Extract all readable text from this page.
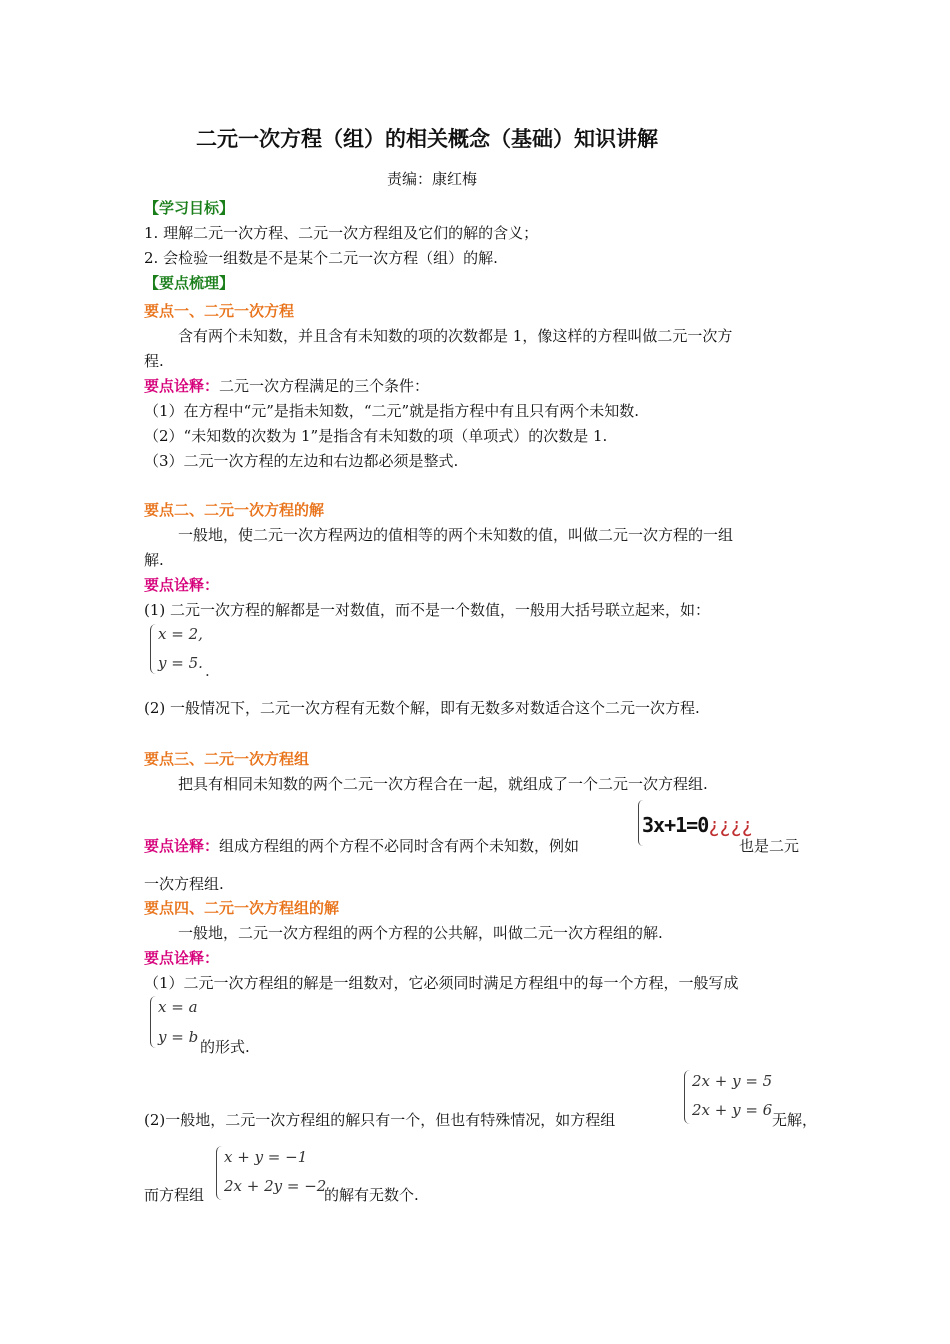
二元一次方程（组）的相关概念（基础）知识讲解
责编：康红梅
【学习目标】
1. 理解二元一次方程、二元一次方程组及它们的解的含义；
2. 会检验一组数是不是某个二元一次方程（组）的解.
【要点梳理】
要点一、二元一次方程
含有两个未知数，并且含有未知数的项的次数都是 1，像这样的方程叫做二元一次方
程.
要点诠释：二元一次方程满足的三个条件：
（1）在方程中“元”是指未知数，“二元”就是指方程中有且只有两个未知数.
（2）“未知数的次数为 1”是指含有未知数的项（单项式）的次数是 1.
（3）二元一次方程的左边和右边都必须是整式.
要点二、二元一次方程的解
一般地，使二元一次方程两边的值相等的两个未知数的值，叫做二元一次方程的一组
解.
要点诠释：
(1) 二元一次方程的解都是一对数值，而不是一个数值，一般用大括号联立起来，如：
x = 2,
y = 5. .
(2) 一般情况下，二元一次方程有无数个解，即有无数多对数适合这个二元一次方程.
要点三、二元一次方程组
把具有相同未知数的两个二元一次方程合在一起，就组成了一个二元一次方程组.
要点诠释：组成方程组的两个方程不必同时含有两个未知数，例如
3x+1=0¿¿¿¿
也是二元
一次方程组.
要点四、二元一次方程组的解
一般地，二元一次方程组的两个方程的公共解，叫做二元一次方程组的解.
要点诠释：
（1）二元一次方程组的解是一组数对，它必须同时满足方程组中的每一个方程，一般写成
x = a
y = b
的形式.
2x + y = 5
2x + y = 6
(2)一般地，二元一次方程组的解只有一个，但也有特殊情况，如方程组	无解，
x + y = −1
2x + 2y = −2
而方程组	的解有无数个.
